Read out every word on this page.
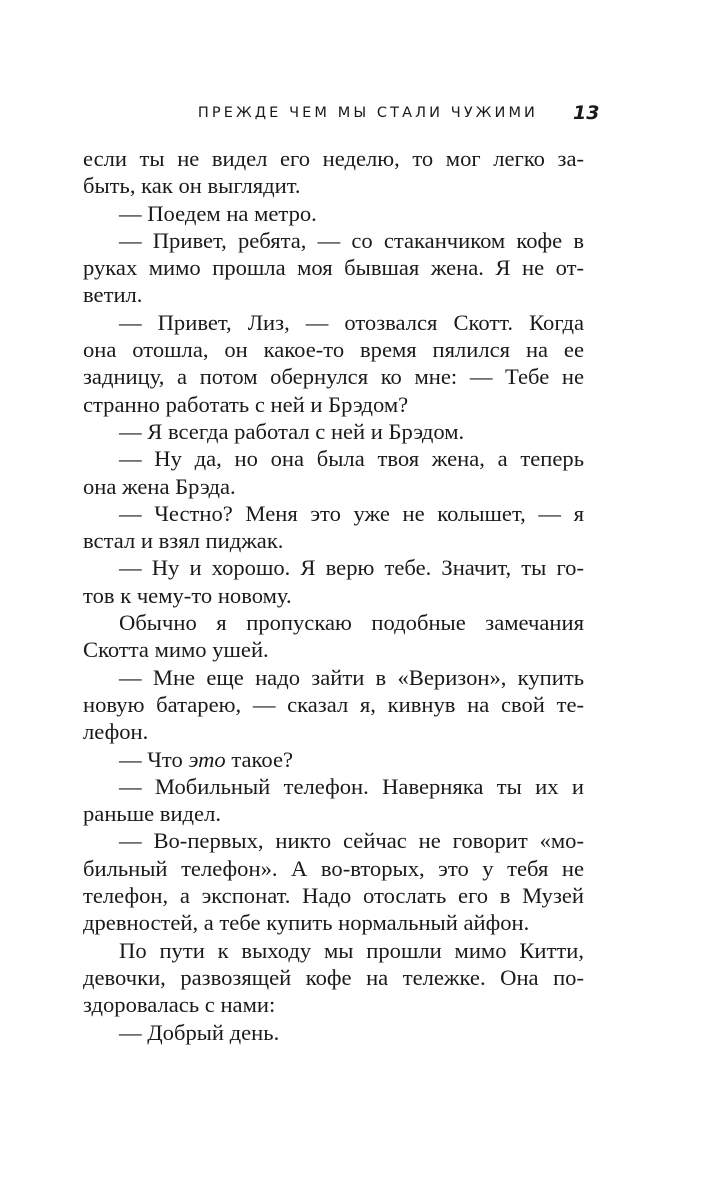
ПРЕЖДЕ ЧЕМ МЫ СТАЛИ ЧУЖИМИ 13

если ты не видел его неделю, то мог легко за-
быть, как он выглядит.

— Поедем на метро.

— Привет, ребята, — со стаканчиком кофе в
руках мимо прошла моя бывшая жена. Я не от-
ветил.

— Привет, Лиз, — отозвался Скотт. Когда
она отошла, он какое-то время пялился на ее
задницу, а потом обернулся ко мне: — Тебе не
странно работать с ней и Брэдом?

— Я всегда работал с ней и Брэдом.

— Ну да, но она была твоя жена, а теперь
она жена Брэда.

— Честно? Меня это уже не колышет, — я
встал и взял пиджак.

— Ну и хорошо. Я верю тебе. Значит, ты го-
тов к чему-то новому.

Обычно я пропускаю подобные замечания
Скотта мимо ушей.

— Мне еще надо зайти в «Веризон», купить
новую батарею, — сказал я, кивнув на свой те-
лефон.

— Что это такое?

— Мобильный телефон. Наверняка ты их и
раньше видел.

— Во-первых, никто сейчас не говорит «мо-
бильный телефон». А во-вторых, это у тебя не
телефон, а экспонат. Надо отослать его в Музей
древностей, а тебе купить нормальный айфон.

По пути к выходу мы прошли мимо Китти,
девочки, развозящей кофе на тележке. Она по-
здоровалась с нами:

— Добрый день.
